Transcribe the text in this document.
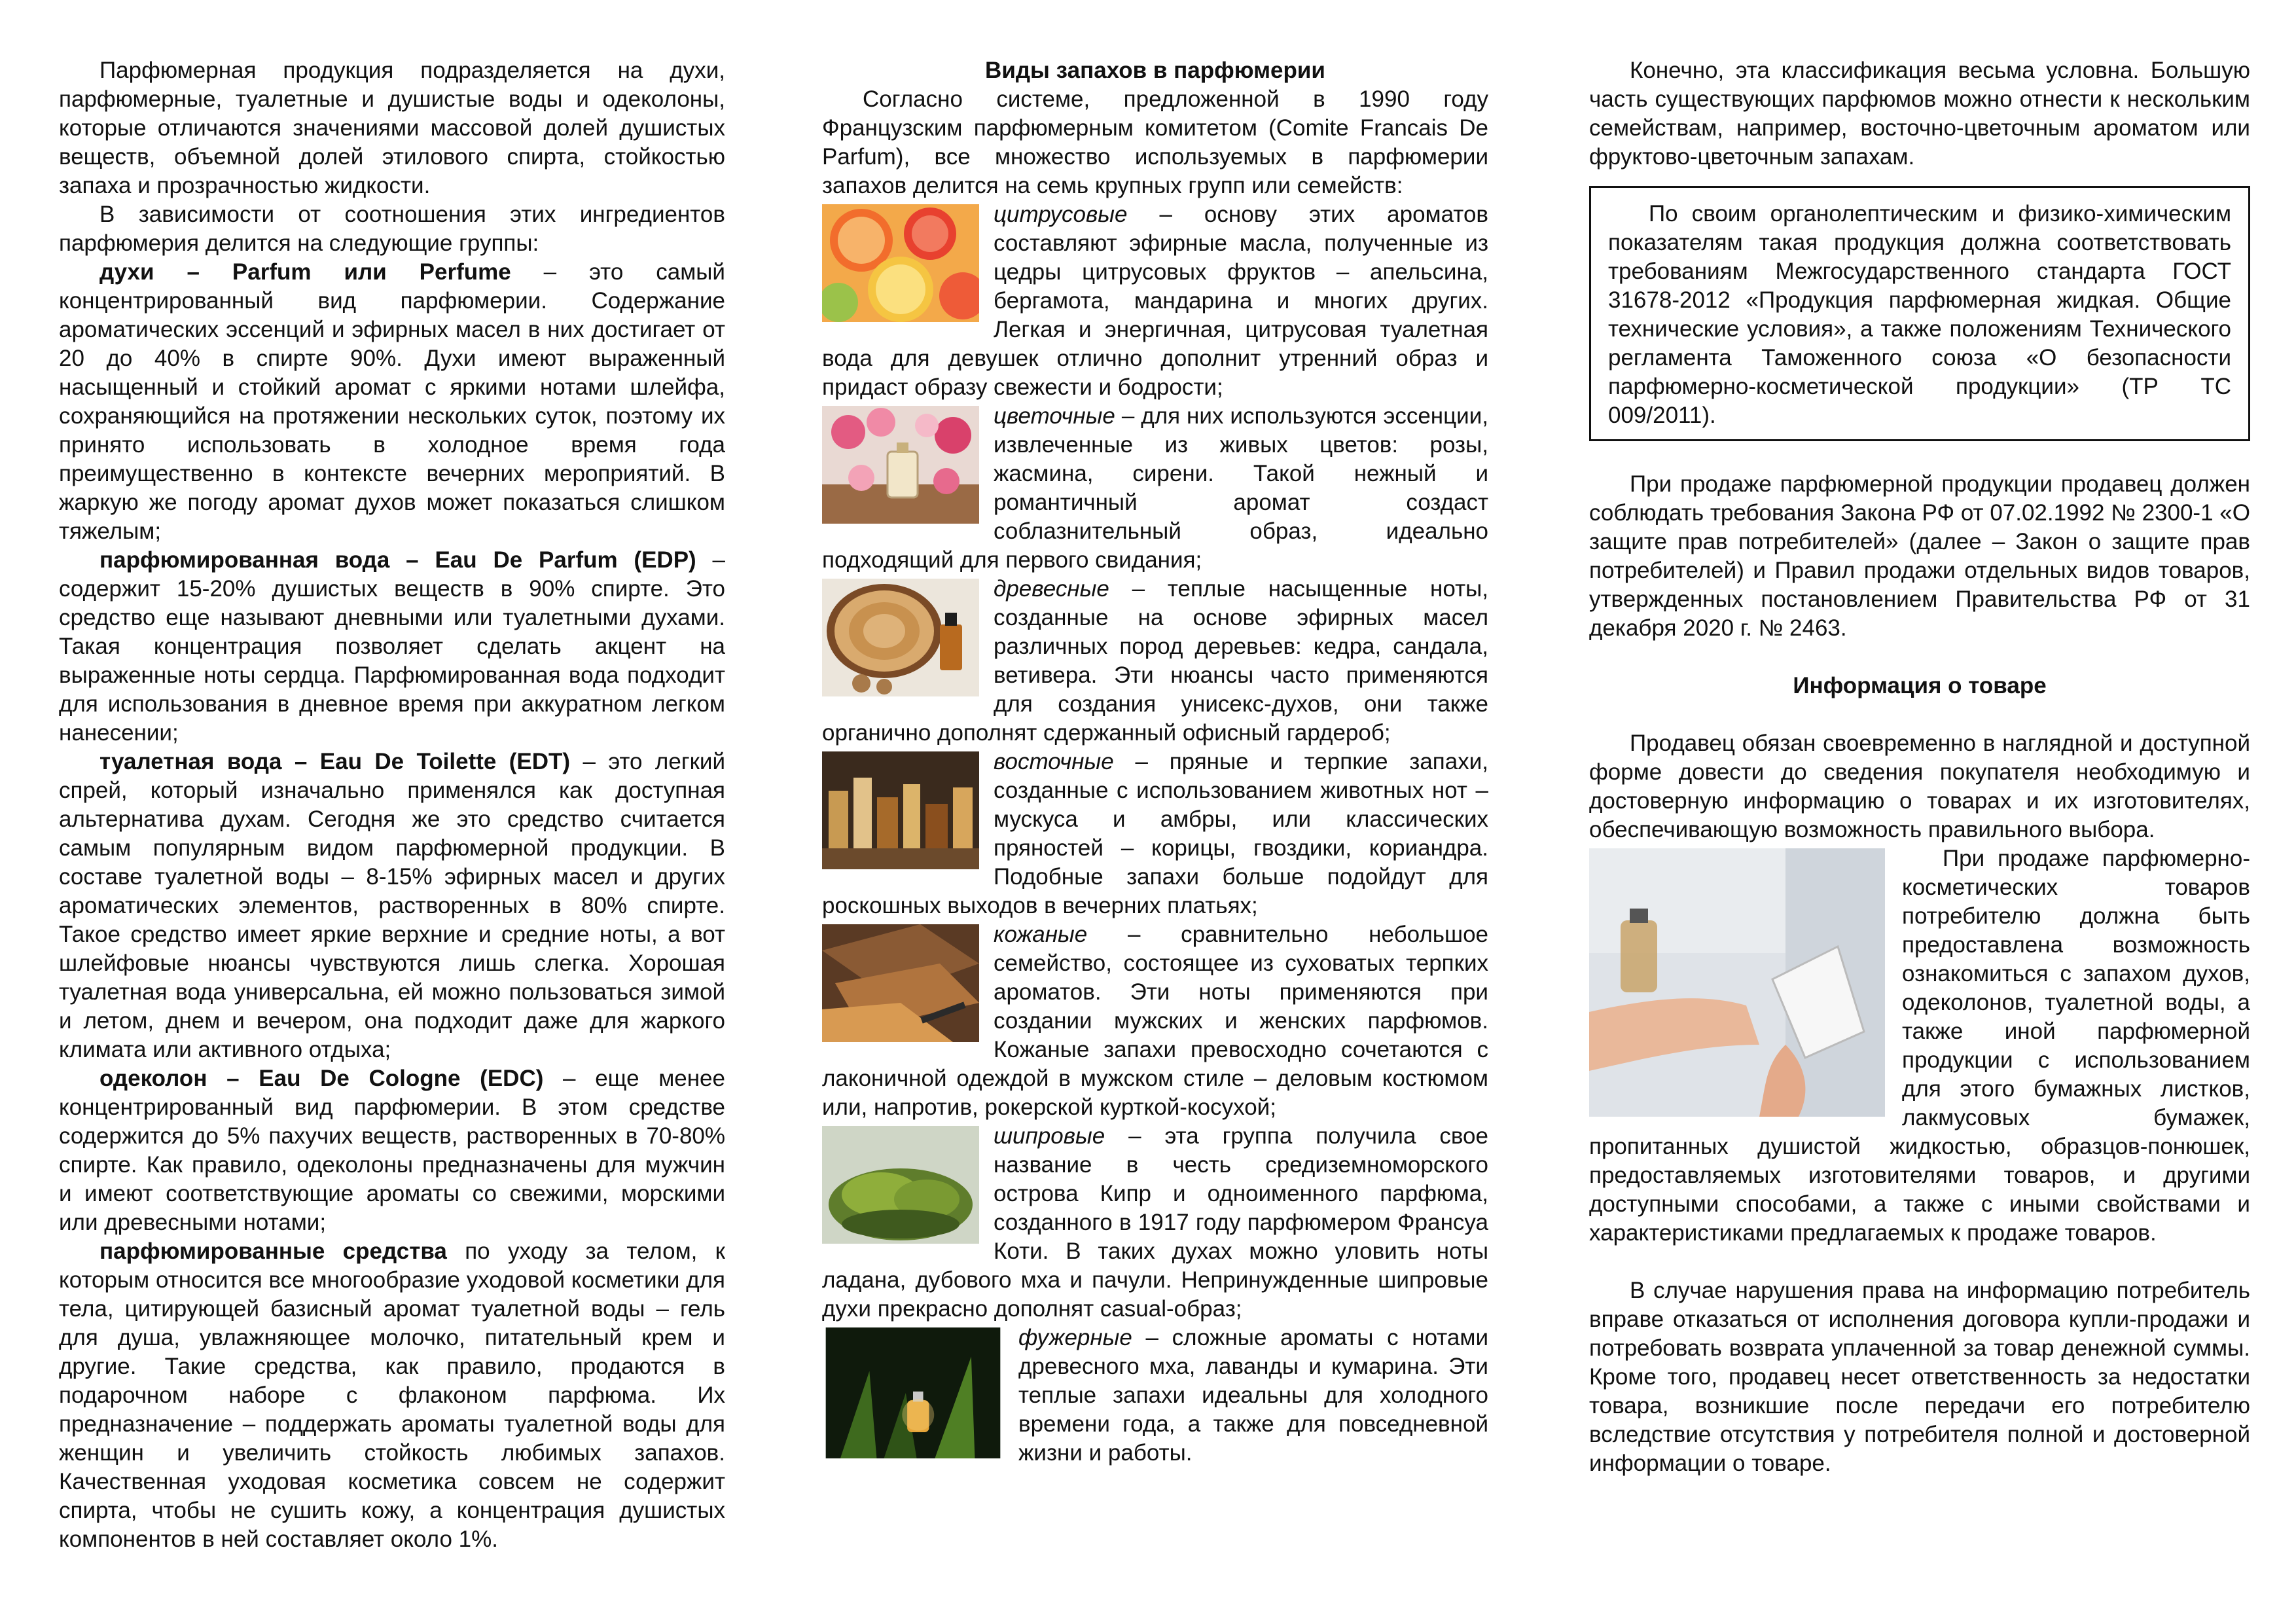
Парфюмерная продукция подразделяется на духи, парфюмерные, туалетные и душистые воды и одеколоны, которые отличаются значениями массовой долей душистых веществ, объемной долей этилового спирта, стойкостью запаха и прозрачностью жидкости.

В зависимости от соотношения этих ингредиентов парфюмерия делится на следующие группы:

духи – Parfum или Perfume – это самый концентрированный вид парфюмерии. Содержание ароматических эссенций и эфирных масел в них достигает от 20 до 40% в спирте 90%. Духи имеют выраженный насыщенный и стойкий аромат с яркими нотами шлейфа, сохраняющийся на протяжении нескольких суток, поэтому их принято использовать в холодное время года преимущественно в контексте вечерних мероприятий. В жаркую же погоду аромат духов может показаться слишком тяжелым;

парфюмированная вода – Eau De Parfum (EDP) – содержит 15-20% душистых веществ в 90% спирте. Это средство еще называют дневными или туалетными духами. Такая концентрация позволяет сделать акцент на выраженные ноты сердца. Парфюмированная вода подходит для использования в дневное время при аккуратном легком нанесении;

туалетная вода – Eau De Toilette (EDT) – это легкий спрей, который изначально применялся как доступная альтернатива духам. Сегодня же это средство считается самым популярным видом парфюмерной продукции. В составе туалетной воды – 8-15% эфирных масел и других ароматических элементов, растворенных в 80% спирте. Такое средство имеет яркие верхние и средние ноты, а вот шлейфовые нюансы чувствуются лишь слегка. Хорошая туалетная вода универсальна, ей можно пользоваться зимой и летом, днем и вечером, она подходит даже для жаркого климата или активного отдыха;

одеколон – Eau De Cologne (EDC) – еще менее концентрированный вид парфюмерии. В этом средстве содержится до 5% пахучих веществ, растворенных в 70-80% спирте. Как правило, одеколоны предназначены для мужчин и имеют соответствующие ароматы со свежими, морскими или древесными нотами;

парфюмированные средства по уходу за телом, к которым относится все многообразие уходовой косметики для тела, цитирующей базисный аромат туалетной воды – гель для душа, увлажняющее молочко, питательный крем и другие. Такие средства, как правило, продаются в подарочном наборе с флаконом парфюма. Их предназначение – поддержать ароматы туалетной воды для женщин и увеличить стойкость любимых запахов. Качественная уходовая косметика совсем не содержит спирта, чтобы не сушить кожу, а концентрация душистых компонентов в ней составляет около 1%.

Виды запахов в парфюмерии

Согласно системе, предложенной в 1990 году Французским парфюмерным комитетом (Comite Francais De Parfum), все множество используемых в парфюмерии запахов делится на семь крупных групп или семейств:

цитрусовые – основу этих ароматов составляют эфирные масла, полученные из цедры цитрусовых фруктов – апельсина, бергамота, мандарина и многих других. Легкая и энергичная, цитрусовая туалетная вода для девушек отлично дополнит утренний образ и придаст образу свежести и бодрости;

цветочные – для них используются эссенции, извлеченные из живых цветов: розы, жасмина, сирени. Такой нежный и романтичный аромат создаст соблазнительный образ, идеально подходящий для первого свидания;

древесные – теплые насыщенные ноты, созданные на основе эфирных масел различных пород деревьев: кедра, сандала, ветивера. Эти нюансы часто применяются для создания унисекс-духов, они также органично дополнят сдержанный офисный гардероб;

восточные – пряные и терпкие запахи, созданные с использованием животных нот – мускуса и амбры, или классических пряностей – корицы, гвоздики, кориандра. Подобные запахи больше подойдут для роскошных выходов в вечерних платьях;

кожаные – сравнительно небольшое семейство, состоящее из суховатых терпких ароматов. Эти ноты применяются при создании мужских и женских парфюмов. Кожаные запахи превосходно сочетаются с лаконичной одеждой в мужском стиле – деловым костюмом или, напротив, рокерской курткой-косухой;

шипровые – эта группа получила свое название в честь средиземноморского острова Кипр и одноименного парфюма, созданного в 1917 году парфюмером Франсуа Коти. В таких духах можно уловить ноты ладана, дубового мха и пачули. Непринужденные шипровые духи прекрасно дополнят casual-образ;

фужерные – сложные ароматы с нотами древесного мха, лаванды и кумарина. Эти теплые запахи идеальны для холодного времени года, а также для повседневной жизни и работы.

Конечно, эта классификация весьма условна. Большую часть существующих парфюмов можно отнести к нескольким семействам, например, восточно-цветочным ароматом или фруктово-цветочным запахам.

По своим органолептическим и физико-химическим показателям такая продукция должна соответствовать требованиям Межгосударственного стандарта ГОСТ 31678-2012 «Продукция парфюмерная жидкая. Общие технические условия», а также положениям Технического регламента Таможенного союза «О безопасности парфюмерно-косметической продукции» (ТР ТС 009/2011).

При продаже парфюмерной продукции продавец должен соблюдать требования Закона РФ от 07.02.1992 № 2300-1 «О защите прав потребителей» (далее – Закон о защите прав потребителей) и Правил продажи отдельных видов товаров, утвержденных постановлением Правительства РФ от 31 декабря 2020 г. № 2463.

Информация о товаре

Продавец обязан своевременно в наглядной и доступной форме довести до сведения покупателя необходимую и достоверную информацию о товарах и их изготовителях, обеспечивающую возможность правильного выбора.

При продаже парфюмерно-косметических товаров потребителю должна быть предоставлена возможность ознакомиться с запахом духов, одеколонов, туалетной воды, а также иной парфюмерной продукции с использованием для этого бумажных листков, лакмусовых бумажек, пропитанных душистой жидкостью, образцов-понюшек, предоставляемых изготовителями товаров, и другими доступными способами, а также с иными свойствами и характеристиками предлагаемых к продаже товаров.

В случае нарушения права на информацию потребитель вправе отказаться от исполнения договора купли-продажи и потребовать возврата уплаченной за товар денежной суммы. Кроме того, продавец несет ответственность за недостатки товара, возникшие после передачи его потребителю вследствие отсутствия у потребителя полной и достоверной информации о товаре.
